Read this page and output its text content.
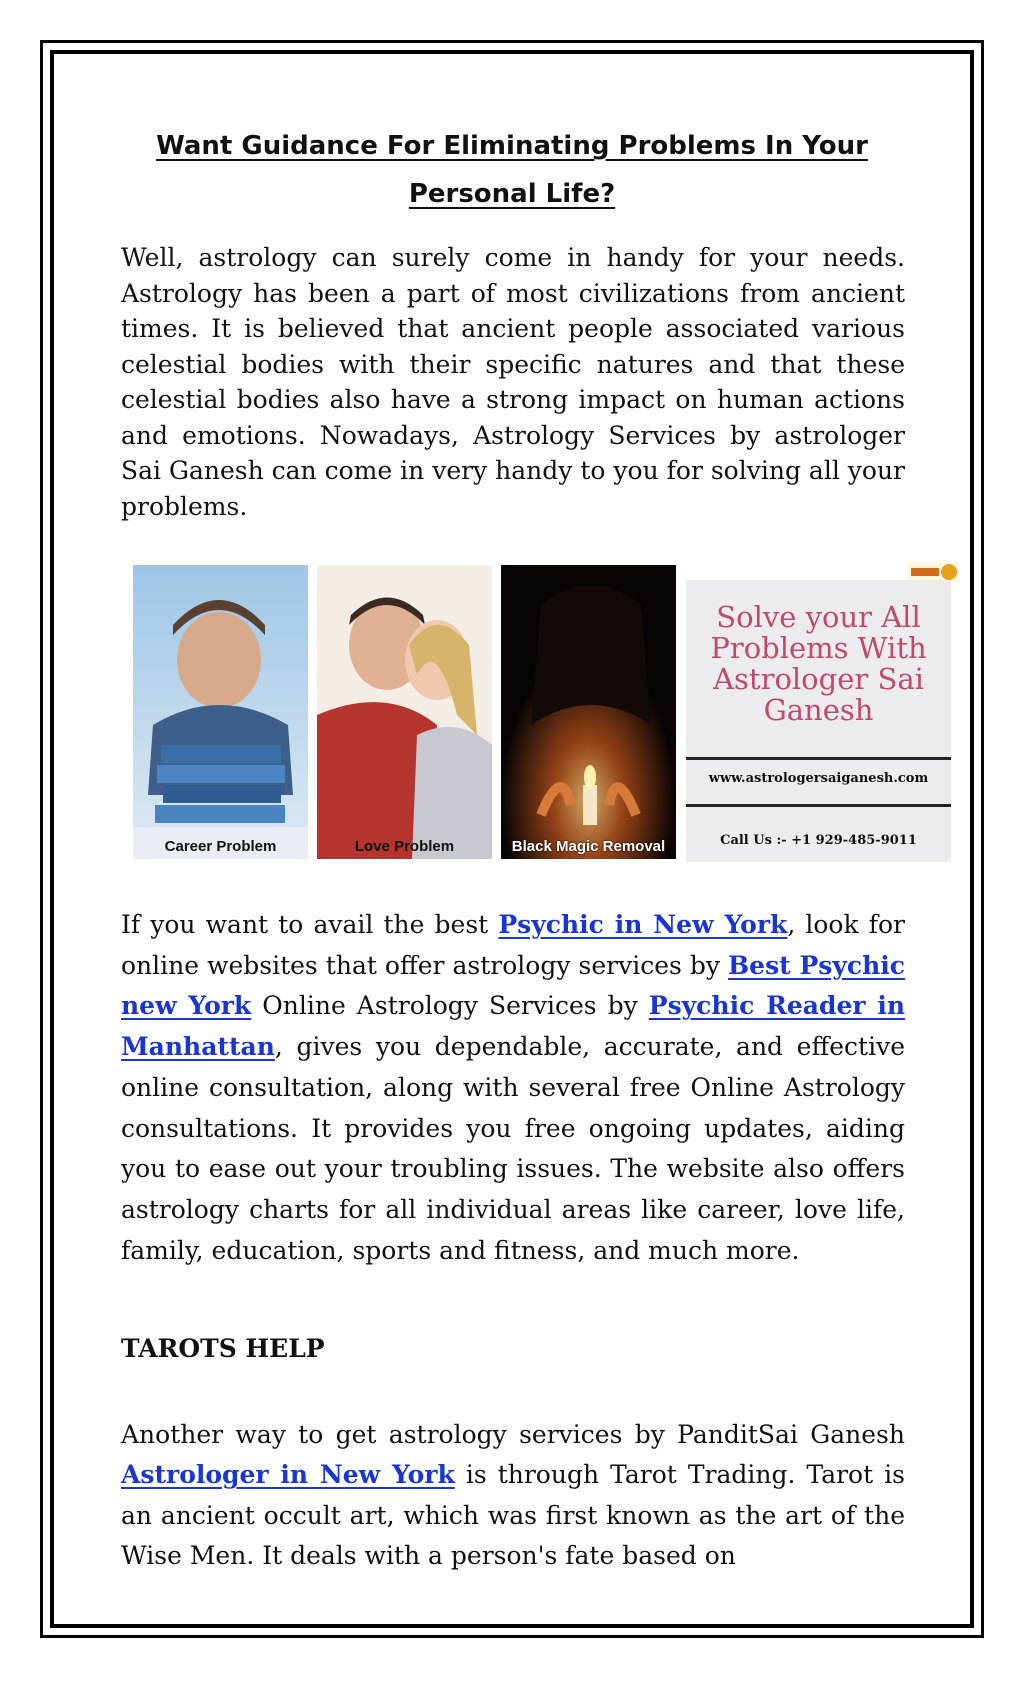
Want Guidance For Eliminating Problems In Your
Personal Life?

Well, astrology can surely come in handy for your needs. Astrology has been a part of most civilizations from ancient times. It is believed that ancient people associated various celestial bodies with their specific natures and that these celestial bodies also have a strong impact on human actions and emotions. Nowadays, Astrology Services by astrologer Sai Ganesh can come in very handy to you for solving all your problems.

Career Problem	Love Problem	Black Magic Removal
Solve your All Problems With Astrologer Sai Ganesh
www.astrologersaiganesh.com
Call Us :- +1 929-485-9011

If you want to avail the best Psychic in New York, look for online websites that offer astrology services by Best Psychic new York Online Astrology Services by Psychic Reader in Manhattan, gives you dependable, accurate, and effective online consultation, along with several free Online Astrology consultations. It provides you free ongoing updates, aiding you to ease out your troubling issues. The website also offers astrology charts for all individual areas like career, love life, family, education, sports and fitness, and much more.

TAROTS HELP

Another way to get astrology services by PanditSai Ganesh Astrologer in New York is through Tarot Trading. Tarot is an ancient occult art, which was first known as the art of the Wise Men. It deals with a person's fate based on
